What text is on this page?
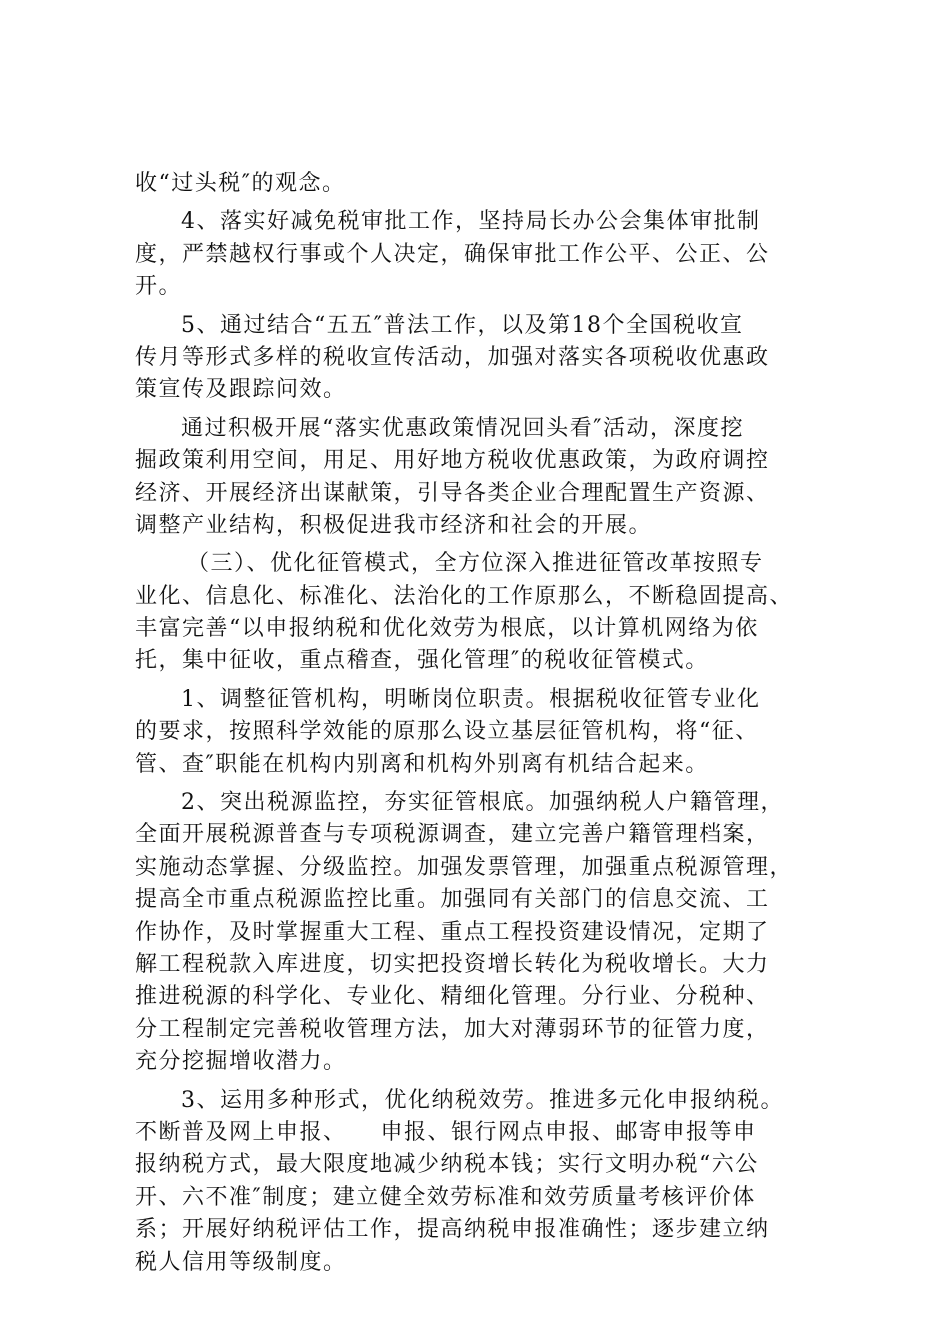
收“过头税″的观念。
4、落实好减免税审批工作，坚持局长办公会集体审批制
度，严禁越权行事或个人决定，确保审批工作公平、公正、公
开。
5、通过结合“五五″普法工作，以及第18个全国税收宣
传月等形式多样的税收宣传活动，加强对落实各项税收优惠政
策宣传及跟踪问效。
通过积极开展“落实优惠政策情况回头看″活动，深度挖
掘政策利用空间，用足、用好地方税收优惠政策，为政府调控
经济、开展经济出谋献策，引导各类企业合理配置生产资源、
调整产业结构，积极促进我市经济和社会的开展。
（三）、优化征管模式，全方位深入推进征管改革按照专
业化、信息化、标准化、法治化的工作原那么，不断稳固提高、
丰富完善“以申报纳税和优化效劳为根底，以计算机网络为依
托，集中征收，重点稽查，强化管理″的税收征管模式。
1、调整征管机构，明晰岗位职责。根据税收征管专业化
的要求，按照科学效能的原那么设立基层征管机构，将“征、
管、查″职能在机构内别离和机构外别离有机结合起来。
2、突出税源监控，夯实征管根底。加强纳税人户籍管理，
全面开展税源普查与专项税源调查，建立完善户籍管理档案，
实施动态掌握、分级监控。加强发票管理，加强重点税源管理，
提高全市重点税源监控比重。加强同有关部门的信息交流、工
作协作，及时掌握重大工程、重点工程投资建设情况，定期了
解工程税款入库进度，切实把投资增长转化为税收增长。大力
推进税源的科学化、专业化、精细化管理。分行业、分税种、
分工程制定完善税收管理方法，加大对薄弱环节的征管力度，
充分挖掘增收潜力。
3、运用多种形式，优化纳税效劳。推进多元化申报纳税。
不断普及网上申报、    申报、银行网点申报、邮寄申报等申
报纳税方式，最大限度地减少纳税本钱；实行文明办税“六公
开、六不准″制度；建立健全效劳标准和效劳质量考核评价体
系；开展好纳税评估工作，提高纳税申报准确性；逐步建立纳
税人信用等级制度。
